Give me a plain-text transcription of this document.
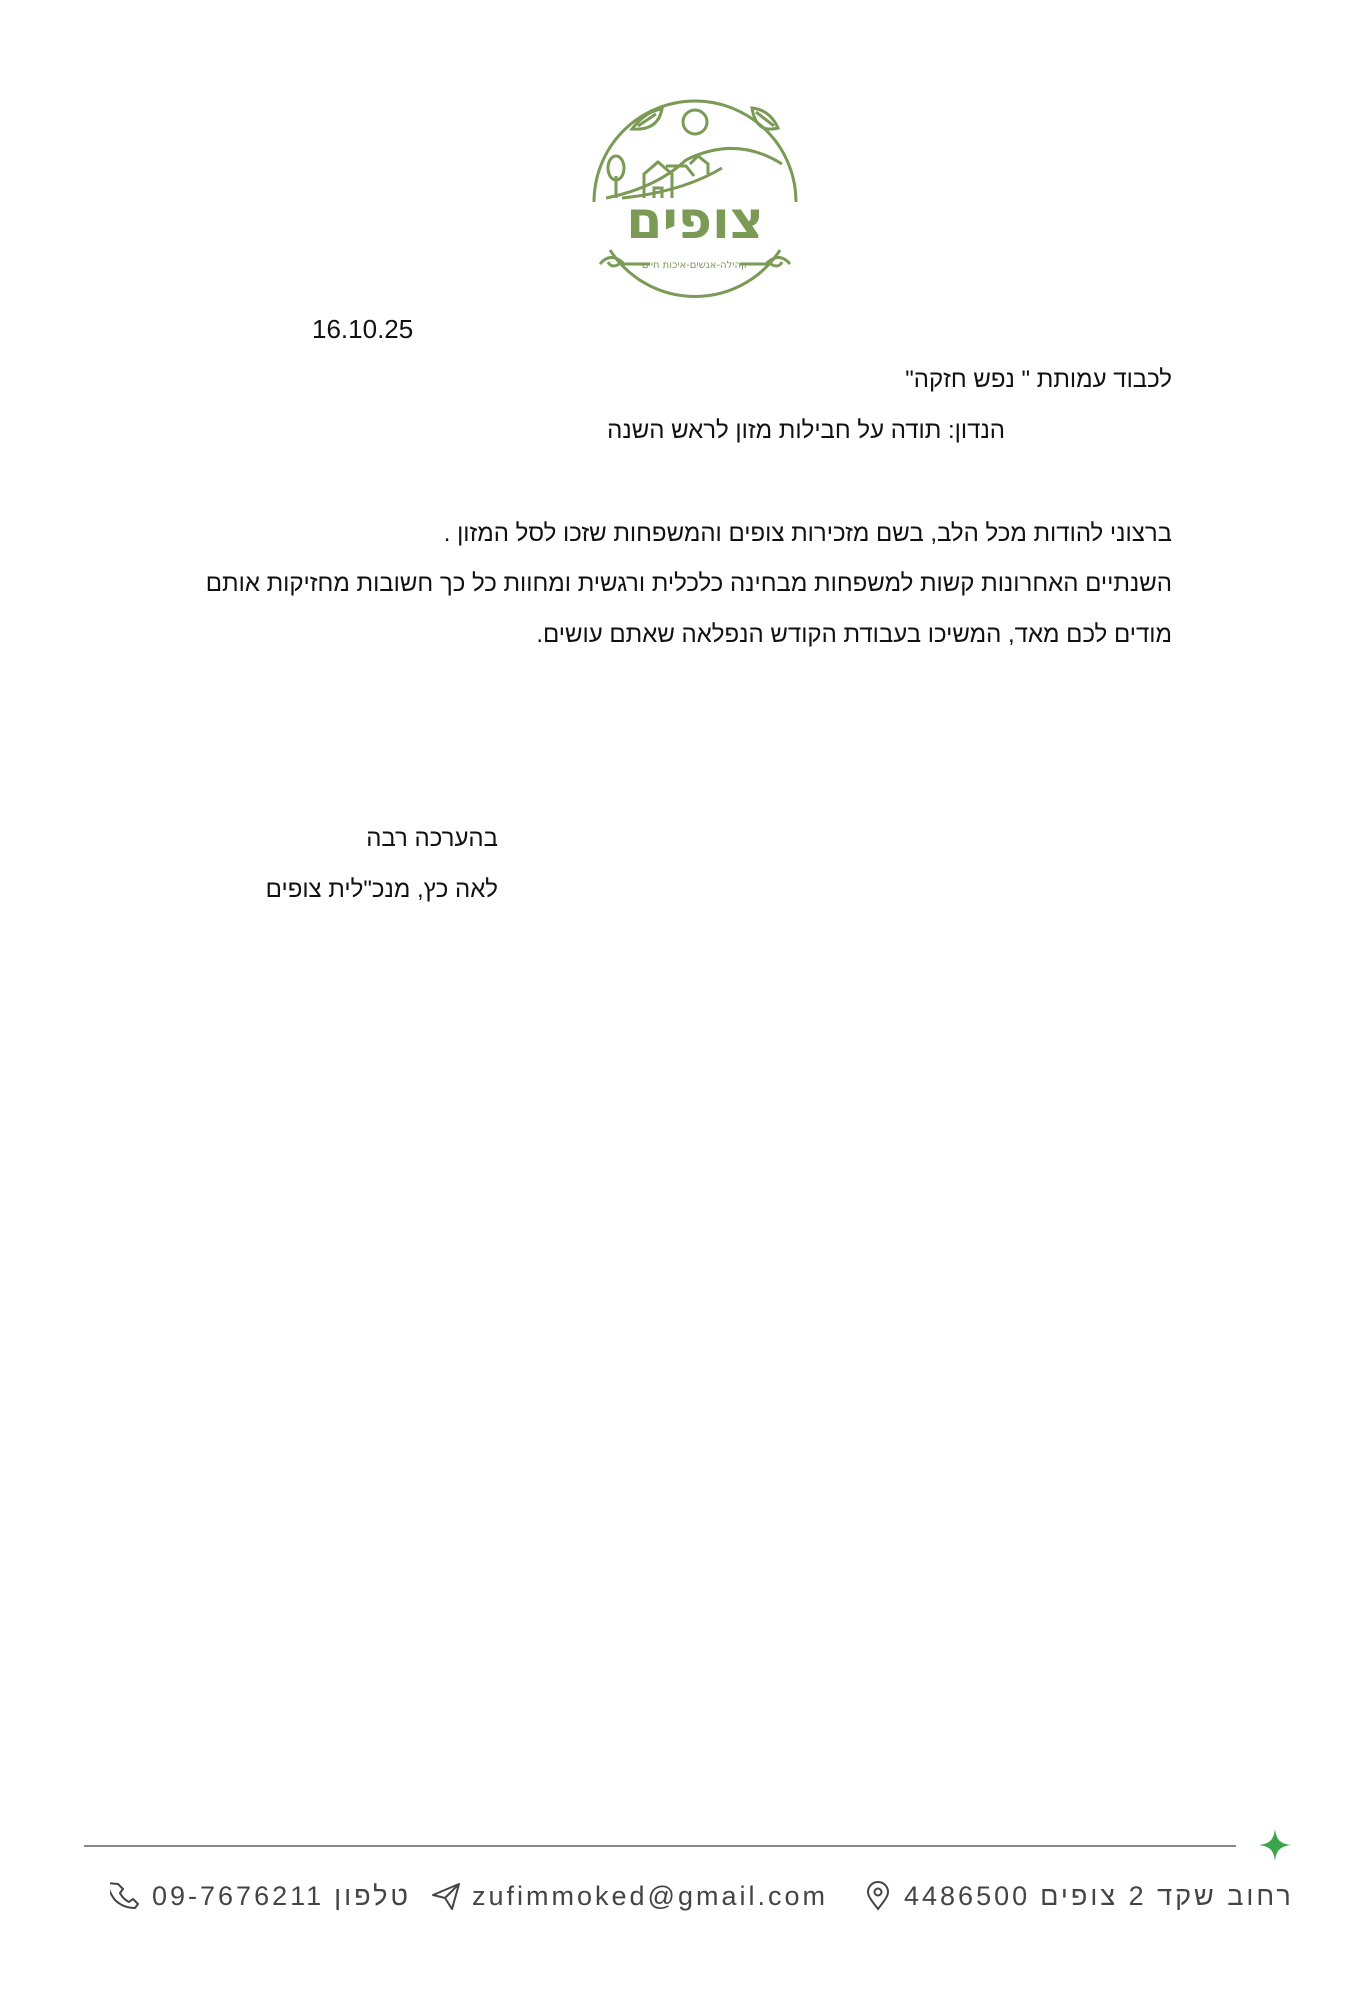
צופים
קהילה-אנשים-איכות חיים
16.10.25
לכבוד עמותת " נפש חזקה"
הנדון: תודה על חבילות מזון לראש השנה
ברצוני להודות מכל הלב, בשם מזכירות צופים והמשפחות שזכו לסל המזון .
השנתיים האחרונות קשות למשפחות מבחינה כלכלית ורגשית ומחוות כל כך חשובות מחזיקות אותם
מודים לכם מאד, המשיכו בעבודת הקודש הנפלאה שאתם עושים.
בהערכה רבה
לאה כץ, מנכ"לית צופים
09-7676211 טלפון zufimmoked@gmail.com	4486500 רחוב שקד 2 צופים
